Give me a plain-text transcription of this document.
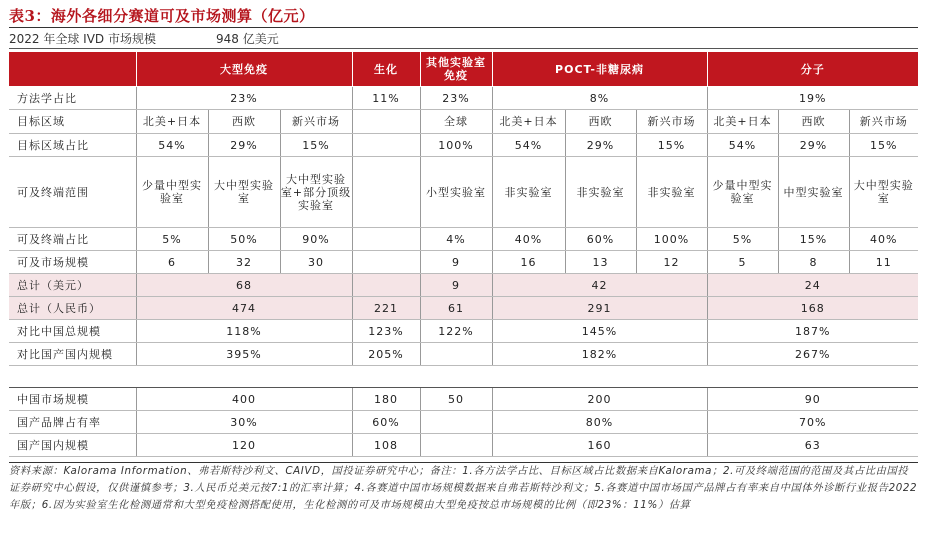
表3：海外各细分赛道可及市场测算（亿元）
2022 年全球 IVD 市场规模	948 亿美元
	大型免疫			生化	其他实验室免疫	POCT-非糖尿病			分子		
方法学占比	23%			11%	23%	8%			19%		
目标区域	北美+日本	西欧	新兴市场		全球	北美+日本	西欧	新兴市场	北美+日本	西欧	新兴市场
目标区域占比	54%	29%	15%		100%	54%	29%	15%	54%	29%	15%
可及终端范围	少量中型实验室	大中型实验室	大中型实验室+部分顶级实验室		小型实验室	非实验室	非实验室	非实验室	少量中型实验室	中型实验室	大中型实验室
可及终端占比	5%	50%	90%		4%	40%	60%	100%	5%	15%	40%
可及市场规模	6	32	30		9	16	13	12	5	8	11
总计（美元）	68				9	42			24		
总计（人民币）	474			221	61	291			168		
对比中国总规模	118%			123%	122%	145%			187%		
对比国产国内规模	395%			205%		182%			267%		

中国市场规模	400			180	50	200			90		
国产品牌占有率	30%			60%		80%			70%		
国产国内规模	120			108		160			63		
资料来源：Kalorama Information、弗若斯特沙利文、CAIVD，国投证券研究中心；备注：1.各方法学占比、目标区域占比数据来自Kalorama；2.可及终端范围的范围及其占比由国投证券研究中心假设，仅供谨慎参考；3.人民币兑美元按7:1的汇率计算；4.各赛道中国市场规模数据来自弗若斯特沙利文；5.各赛道中国市场国产品牌占有率来自中国体外诊断行业报告2022年版；6.因为实验室生化检测通常和大型免疫检测搭配使用，生化检测的可及市场规模由大型免疫按总市场规模的比例（即23%：11%）估算
